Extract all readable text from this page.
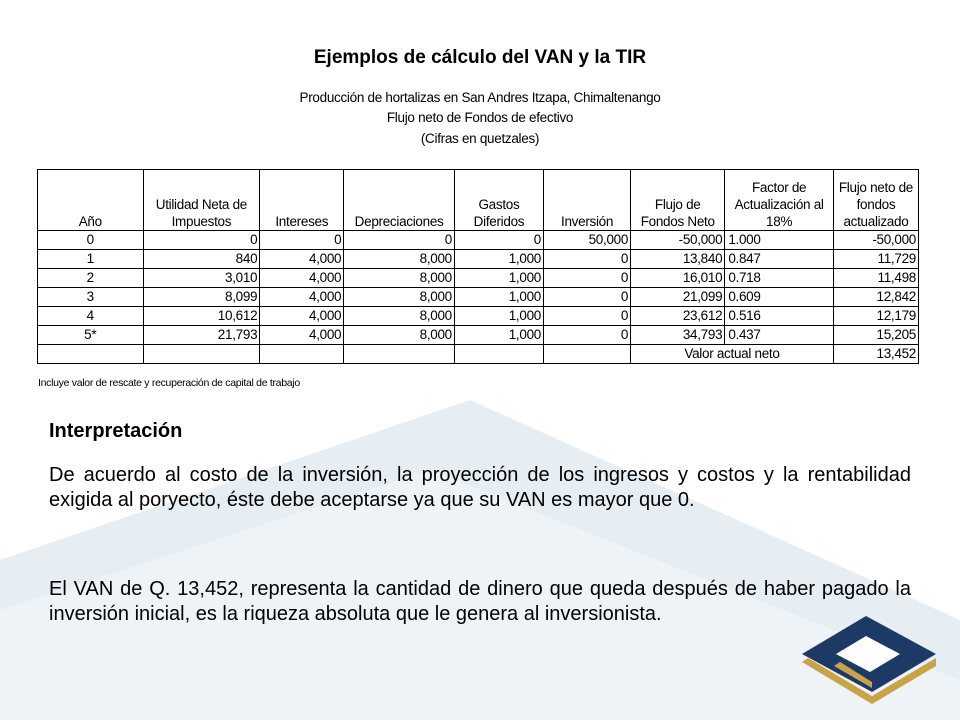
Ejemplos de cálculo del VAN y la TIR
Producción de hortalizas en San Andres Itzapa, Chimaltenango
Flujo neto de Fondos de efectivo
(Cifras en quetzales)
Año	Utilidad Neta de Impuestos	Intereses	Depreciaciones	Gastos Diferidos	Inversión	Flujo de Fondos Neto	Factor de Actualización al 18%	Flujo neto de fondos actualizado
0	0	0	0	0	50,000	-50,000	1.000	-50,000
1	840	4,000	8,000	1,000	0	13,840	0.847	11,729
2	3,010	4,000	8,000	1,000	0	16,010	0.718	11,498
3	8,099	4,000	8,000	1,000	0	21,099	0.609	12,842
4	10,612	4,000	8,000	1,000	0	23,612	0.516	12,179
5*	21,793	4,000	8,000	1,000	0	34,793	0.437	15,205
						Valor actual neto		13,452
Incluye valor de rescate y recuperación de capital de trabajo
Interpretación
De acuerdo al costo de la inversión, la proyección de los ingresos y costos y la rentabilidad exigida al poryecto, éste debe aceptarse ya que su VAN es mayor que 0.
El VAN de Q. 13,452, representa la cantidad de dinero que queda después de haber pagado la inversión inicial, es la riqueza absoluta que le genera al inversionista.
